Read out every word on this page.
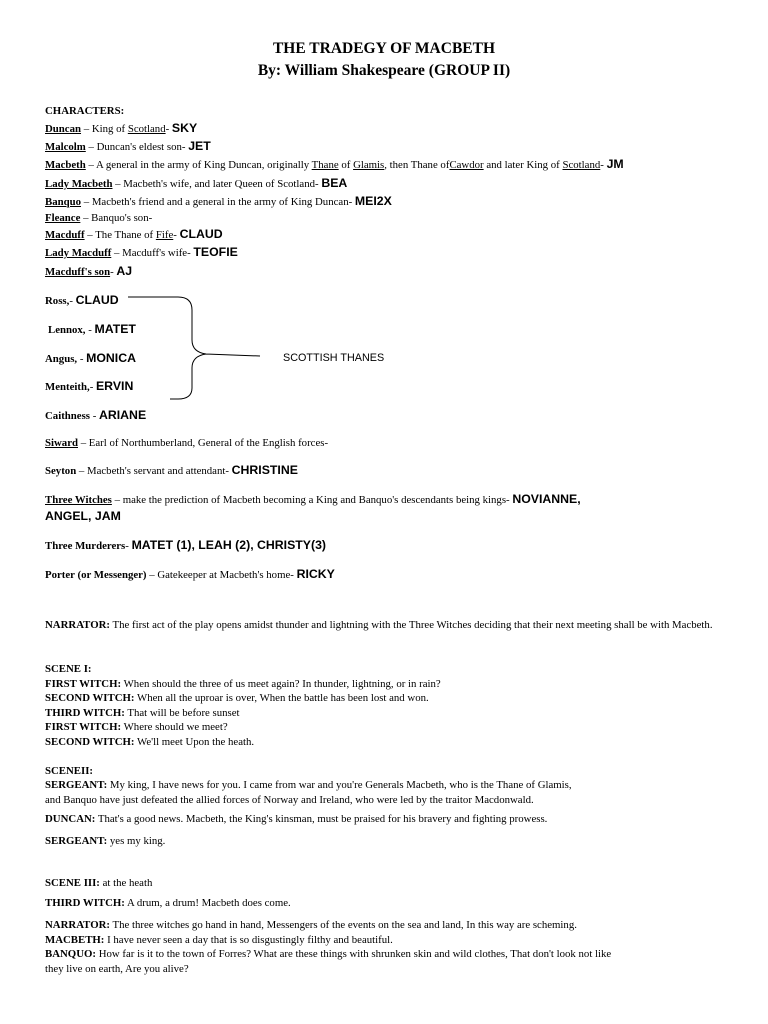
THE TRADEGY OF MACBETH
By: William Shakespeare (GROUP II)
CHARACTERS:
Duncan – King of Scotland- SKY
Malcolm – Duncan's eldest son- JET
Macbeth – A general in the army of King Duncan, originally Thane of Glamis, then Thane ofCawdor and later King of Scotland- JM
Lady Macbeth – Macbeth's wife, and later Queen of Scotland- BEA
Banquo – Macbeth's friend and a general in the army of King Duncan- MEI2X
Fleance – Banquo's son-
Macduff – The Thane of Fife- CLAUD
Lady Macduff – Macduff's wife- TEOFIE
Macduff's son- AJ
Ross,- CLAUD
Lennox, - MATET
Angus, - MONICA
Menteith,- ERVIN
SCOTTISH THANES
Caithness - ARIANE
Siward – Earl of Northumberland, General of the English forces-
Seyton – Macbeth's servant and attendant- CHRISTINE
Three Witches – make the prediction of Macbeth becoming a King and Banquo's descendants being kings- NOVIANNE,
ANGEL, JAM
Three Murderers- MATET (1), LEAH (2), CHRISTY(3)
Porter (or Messenger) – Gatekeeper at Macbeth's home- RICKY
NARRATOR: The first act of the play opens amidst thunder and lightning with the Three Witches deciding that their next meeting shall be with Macbeth.
SCENE I:
FIRST WITCH: When should the three of us meet again? In thunder, lightning, or in rain?
SECOND WITCH: When all the uproar is over, When the battle has been lost and won.
THIRD WITCH: That will be before sunset
FIRST WITCH: Where should we meet?
SECOND WITCH: We'll meet Upon the heath.
SCENEII:
SERGEANT: My king, I have news for you. I came from war and you're Generals Macbeth, who is the Thane of Glamis,
and Banquo have just defeated the allied forces of Norway and Ireland, who were led by the traitor Macdonwald.
DUNCAN: That's a good news. Macbeth, the King's kinsman, must be praised for his bravery and fighting prowess.
SERGEANT: yes my king.
SCENE III: at the heath
THIRD WITCH: A drum, a drum! Macbeth does come.
NARRATOR: The three witches go hand in hand, Messengers of the events on the sea and land, In this way are scheming.
MACBETH: I have never seen a day that is so disgustingly filthy and beautiful.
BANQUO: How far is it to the town of Forres? What are these things with shrunken skin and wild clothes, That don't look not like
they live on earth, Are you alive?
